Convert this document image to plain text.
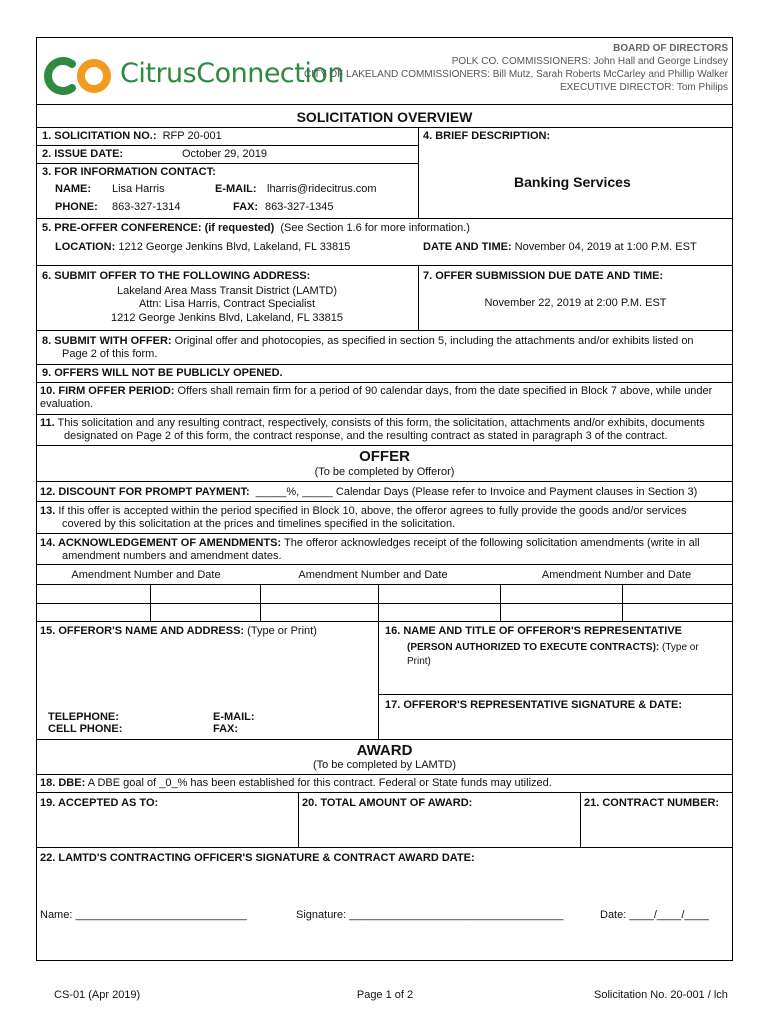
CitrusConnection
BOARD OF DIRECTORS
POLK CO. COMMISSIONERS: John Hall and George Lindsey
CITY OF LAKELAND COMMISSIONERS: Bill Mutz, Sarah Roberts McCarley and Phillip Walker
EXECUTIVE DIRECTOR: Tom Philips
SOLICITATION OVERVIEW
1. SOLICITATION NO.: RFP 20-001	4. BRIEF DESCRIPTION:
2. ISSUE DATE:	October 29, 2019
3. FOR INFORMATION CONTACT:
NAME: Lisa Harris	E-MAIL: lharris@ridecitrus.com
PHONE: 863-327-1314	FAX: 863-327-1345
Banking Services
5. PRE-OFFER CONFERENCE: (if requested) (See Section 1.6 for more information.)
LOCATION: 1212 George Jenkins Blvd, Lakeland, FL 33815	DATE AND TIME: November 04, 2019 at 1:00 P.M. EST
6. SUBMIT OFFER TO THE FOLLOWING ADDRESS:
Lakeland Area Mass Transit District (LAMTD)
Attn: Lisa Harris, Contract Specialist
1212 George Jenkins Blvd, Lakeland, FL 33815
7. OFFER SUBMISSION DUE DATE AND TIME:
November 22, 2019 at 2:00 P.M. EST
8. SUBMIT WITH OFFER: Original offer and photocopies, as specified in section 5, including the attachments and/or exhibits listed on
Page 2 of this form.
9. OFFERS WILL NOT BE PUBLICLY OPENED.
10. FIRM OFFER PERIOD: Offers shall remain firm for a period of 90 calendar days, from the date specified in Block 7 above, while under
evaluation.
11. This solicitation and any resulting contract, respectively, consists of this form, the solicitation, attachments and/or exhibits, documents
designated on Page 2 of this form, the contract response, and the resulting contract as stated in paragraph 3 of the contract.
OFFER
(To be completed by Offeror)
12. DISCOUNT FOR PROMPT PAYMENT: _____%, _____ Calendar Days (Please refer to Invoice and Payment clauses in Section 3)
13. If this offer is accepted within the period specified in Block 10, above, the offeror agrees to fully provide the goods and/or services
covered by this solicitation at the prices and timelines specified in the solicitation.
14. ACKNOWLEDGEMENT OF AMENDMENTS: The offeror acknowledges receipt of the following solicitation amendments (write in all
amendment numbers and amendment dates.
Amendment Number and Date	Amendment Number and Date	Amendment Number and Date
15. OFFEROR'S NAME AND ADDRESS: (Type or Print)	16. NAME AND TITLE OF OFFEROR'S REPRESENTATIVE
(PERSON AUTHORIZED TO EXECUTE CONTRACTS): (Type or
Print)
17. OFFEROR'S REPRESENTATIVE SIGNATURE & DATE:
TELEPHONE:
CELL PHONE:
E-MAIL:
FAX:
AWARD
(To be completed by LAMTD)
18. DBE: A DBE goal of _0_% has been established for this contract. Federal or State funds may utilized.
19. ACCEPTED AS TO:	20. TOTAL AMOUNT OF AWARD:	21. CONTRACT NUMBER:
22. LAMTD'S CONTRACTING OFFICER'S SIGNATURE & CONTRACT AWARD DATE:
Name: ____________________________	Signature: ___________________________________	Date: ____/____/____
CS-01 (Apr 2019)	Page 1 of 2	Solicitation No. 20-001 / lch
